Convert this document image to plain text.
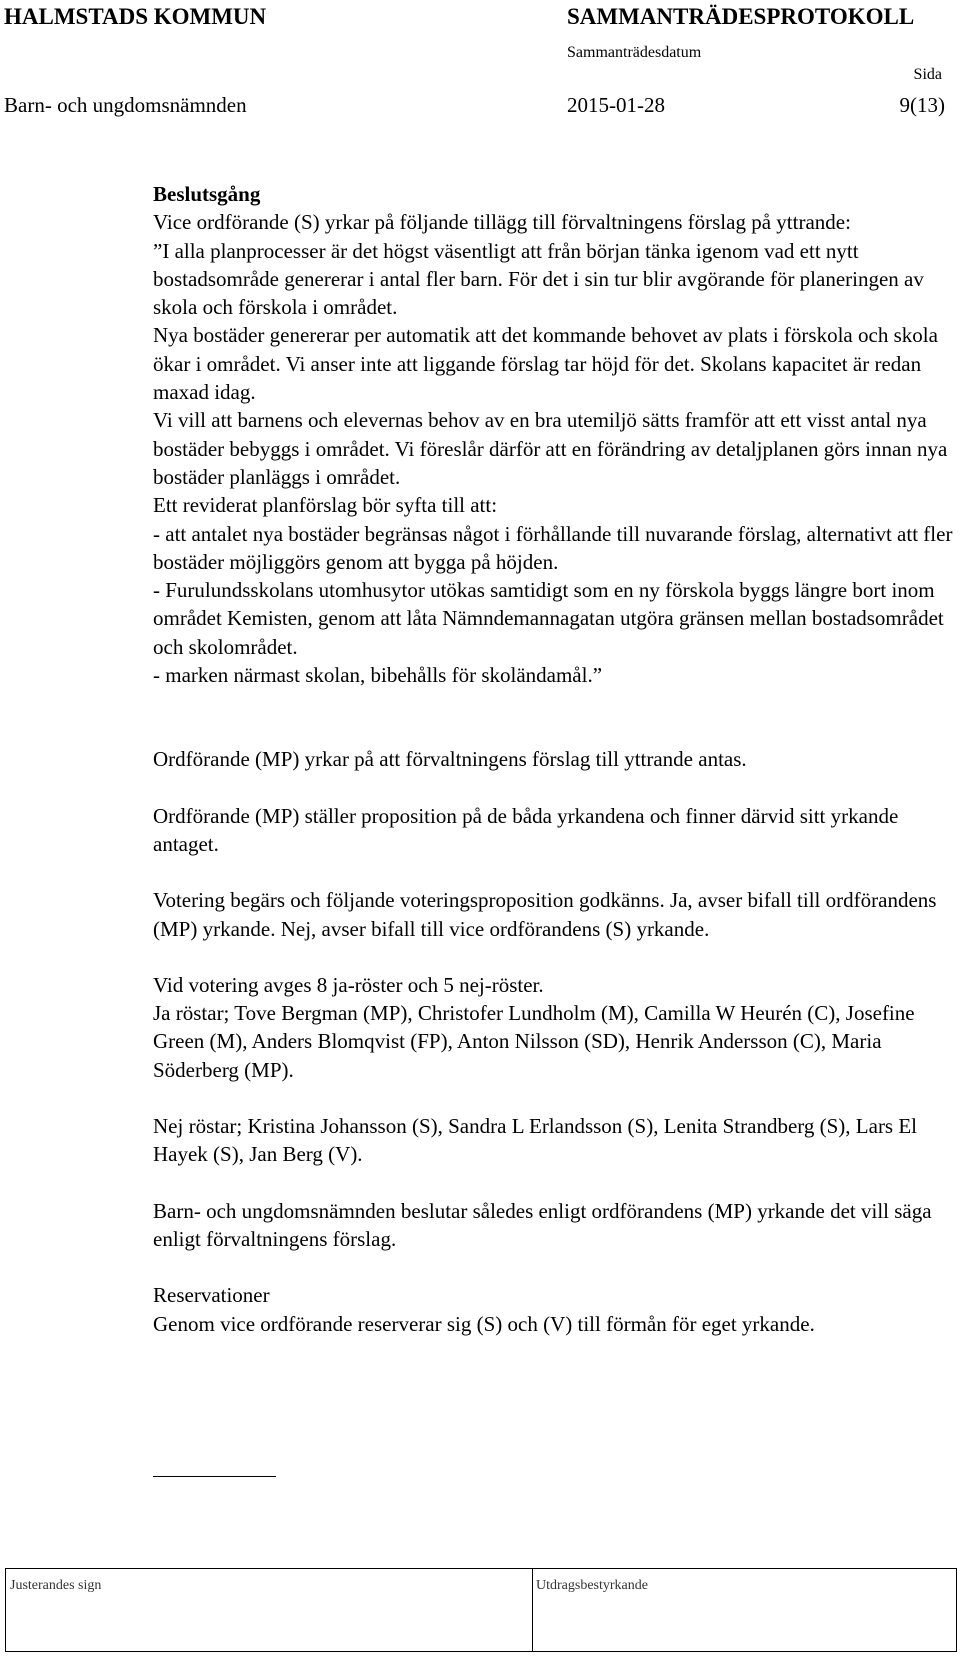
HALMSTADS KOMMUN	SAMMANTRÄDESPROTOKOLL
Sammanträdesdatum
Sida
Barn- och ungdomsnämnden	2015-01-28	9(13)

Beslutsgång

Vice ordförande (S) yrkar på följande tillägg till förvaltningens förslag på yttrande:

”I alla planprocesser är det högst väsentligt att från början tänka igenom vad ett nytt bostadsområde genererar i antal fler barn. För det i sin tur blir avgörande för planeringen av skola och förskola i området.

Nya bostäder genererar per automatik att det kommande behovet av plats i förskola och skola ökar i området. Vi anser inte att liggande förslag tar höjd för det. Skolans kapacitet är redan maxad idag.

Vi vill att barnens och elevernas behov av en bra utemiljö sätts framför att ett visst antal nya bostäder bebyggs i området. Vi föreslår därför att en förändring av detaljplanen görs innan nya bostäder planläggs i området.

Ett reviderat planförslag bör syfta till att:

- att antalet nya bostäder begränsas något i förhållande till nuvarande förslag, alternativt att fler bostäder möjliggörs genom att bygga på höjden.

- Furulundsskolans utomhusytor utökas samtidigt som en ny förskola byggs längre bort inom området Kemisten, genom att låta Nämndemannagatan utgöra gränsen mellan bostadsområdet och skolområdet.

- marken närmast skolan, bibehålls för skoländamål.”

Ordförande (MP) yrkar på att förvaltningens förslag till yttrande antas.

Ordförande (MP) ställer proposition på de båda yrkandena och finner därvid sitt yrkande antaget.

Votering begärs och följande voteringsproposition godkänns. Ja, avser bifall till ordförandens (MP) yrkande. Nej, avser bifall till vice ordförandens (S) yrkande.

Vid votering avges 8 ja-röster och 5 nej-röster.

Ja röstar; Tove Bergman (MP), Christofer Lundholm (M), Camilla W Heurén (C), Josefine Green (M), Anders Blomqvist (FP), Anton Nilsson (SD), Henrik Andersson (C), Maria Söderberg (MP).

Nej röstar; Kristina Johansson (S), Sandra L Erlandsson (S), Lenita Strandberg (S), Lars El Hayek (S), Jan Berg (V).

Barn- och ungdomsnämnden beslutar således enligt ordförandens (MP) yrkande det vill säga enligt förvaltningens förslag.

Reservationer

Genom vice ordförande reserverar sig (S) och (V) till förmån för eget yrkande.

Justerandes sign	Utdragsbestyrkande
